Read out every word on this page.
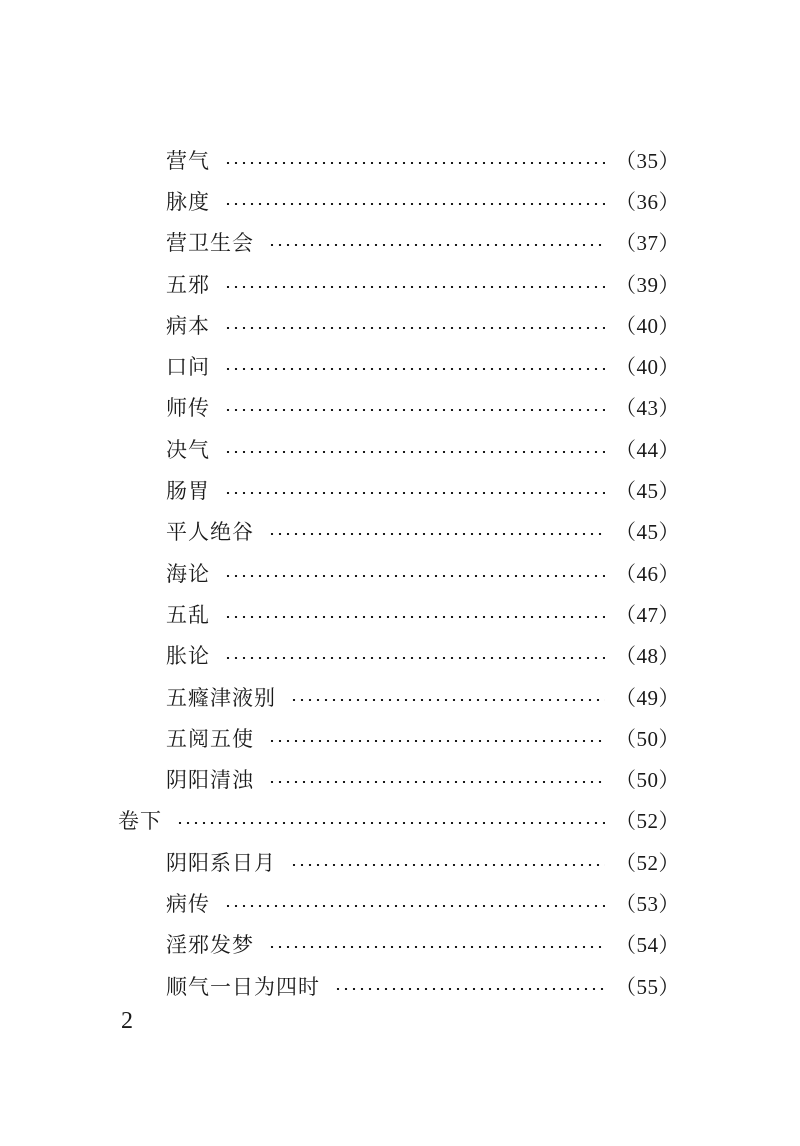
营气	（35）
脉度	（36）
营卫生会	（37）
五邪	（39）
病本	（40）
口问	（40）
师传	（43）
决气	（44）
肠胃	（45）
平人绝谷	（45）
海论	（46）
五乱	（47）
胀论	（48）
五癃津液别	（49）
五阅五使	（50）
阴阳清浊	（50）
卷下	（52）
阴阳系日月	（52）
病传	（53）
淫邪发梦	（54）
顺气一日为四时	（55）
2
